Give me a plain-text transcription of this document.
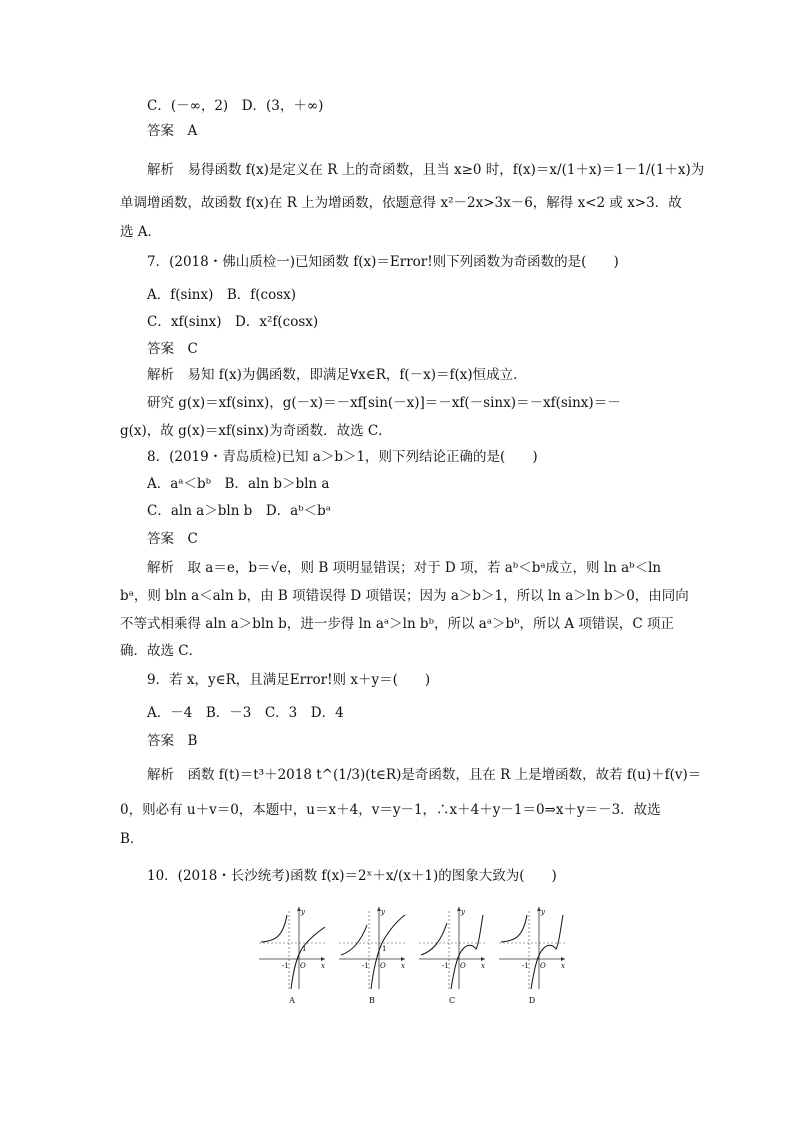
C．(－∞，2)　D．(3，＋∞)
答案　A
解析　易得函数 f(x)是定义在 R 上的奇函数，且当 x≥0 时，f(x)＝x/(1＋x)＝1－1/(1＋x)为
单调增函数，故函数 f(x)在 R 上为增函数，依题意得 x²－2x>3x－6，解得 x<2 或 x>3．故
选 A．
7．(2018・佛山质检一)已知函数 f(x)＝Error!则下列函数为奇函数的是(　　)
A．f(sinx)　B．f(cosx)
C．xf(sinx)　D．x²f(cosx)
答案　C
解析　易知 f(x)为偶函数，即满足∀x∈R，f(－x)＝f(x)恒成立．
研究 g(x)＝xf(sinx)，g(－x)＝－xf[sin(－x)]＝－xf(－sinx)＝－xf(sinx)＝－
g(x)，故 g(x)＝xf(sinx)为奇函数．故选 C．
8．(2019・青岛质检)已知 a＞b＞1，则下列结论正确的是(　　)
A．aᵃ＜bᵇ　B．aln b＞bln a
C．aln a＞bln b　D．aᵇ＜bᵃ
答案　C
解析　取 a＝e，b＝√e，则 B 项明显错误；对于 D 项，若 aᵇ＜bᵃ成立，则 ln aᵇ＜ln
bᵃ，则 bln a＜aln b，由 B 项错误得 D 项错误；因为 a＞b＞1，所以 ln a＞ln b＞0，由同向
不等式相乘得 aln a＞bln b，进一步得 ln aᵃ＞ln bᵇ，所以 aᵃ＞bᵇ，所以 A 项错误，C 项正
确．故选 C．
9．若 x，y∈R，且满足Error!则 x＋y＝(　　)
A．－4　B．－3　C．3　D．4
答案　B
解析　函数 f(t)＝t³＋2018 t^(1/3)(t∈R)是奇函数，且在 R 上是增函数，故若 f(u)＋f(v)＝
0，则必有 u＋v＝0，本题中，u＝x＋4，v＝y－1，∴x＋4＋y－1＝0⇒x＋y＝－3．故选
B．
10．(2018・长沙统考)函数 f(x)＝2ˣ＋x/(x＋1)的图象大致为(　　)
y
x
O
-1
1
A
y
x
O
-1
1
B
y
x
O
-1
C
y
x
O
-1
D
